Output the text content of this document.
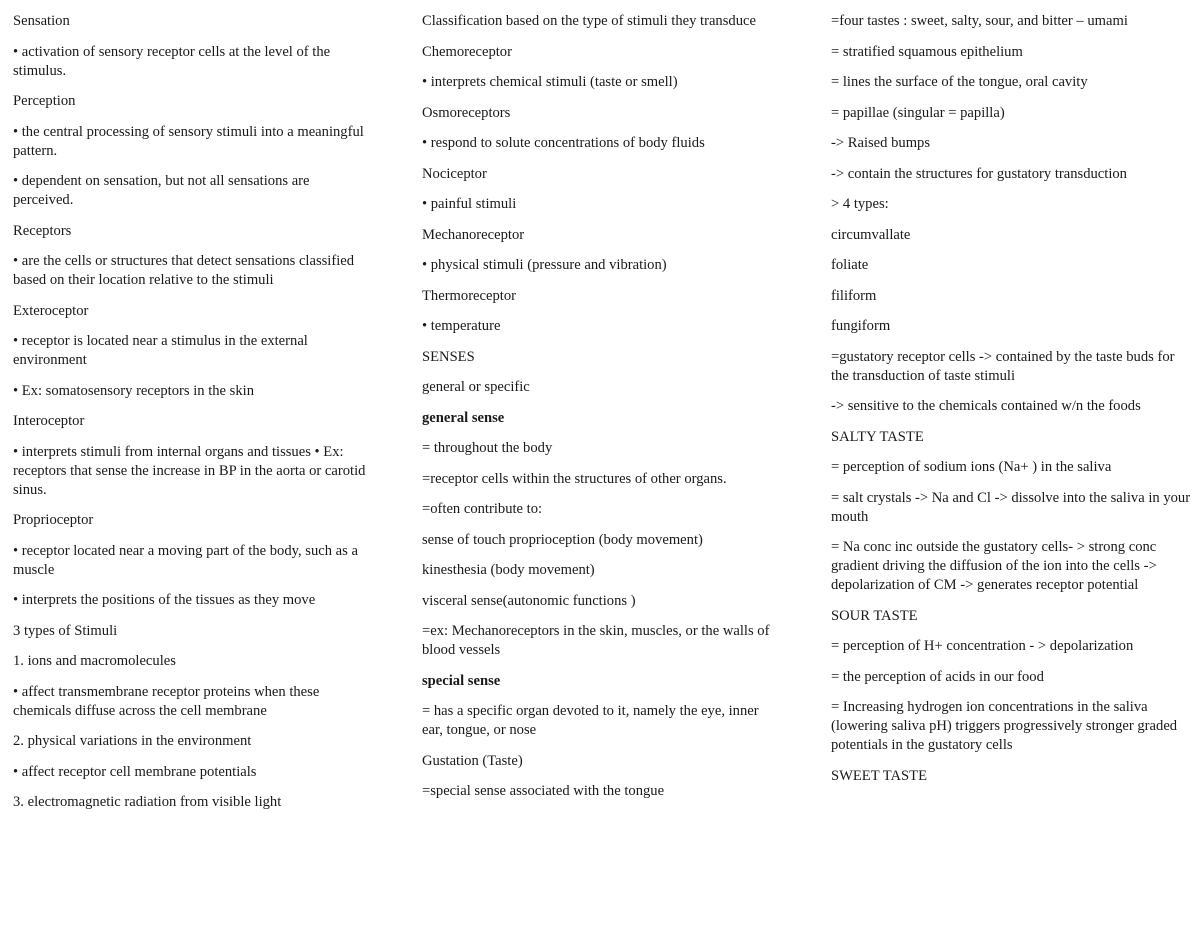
Sensation

• activation of sensory receptor cells at the level of the stimulus.

Perception

• the central processing of sensory stimuli into a meaningful pattern.

• dependent on sensation, but not all sensations are perceived.

Receptors

• are the cells or structures that detect sensations classified based on their location relative to the stimuli

Exteroceptor

• receptor is located near a stimulus in the external environment

• Ex: somatosensory receptors in the skin

Interoceptor

• interprets stimuli from internal organs and tissues • Ex: receptors that sense the increase in BP in the aorta or carotid sinus.

Proprioceptor

• receptor located near a moving part of the body, such as a muscle

• interprets the positions of the tissues as they move

3 types of Stimuli

1. ions and macromolecules

• affect transmembrane receptor proteins when these chemicals diffuse across the cell membrane

2. physical variations in the environment

• affect receptor cell membrane potentials

3. electromagnetic radiation from visible light

Classification based on the type of stimuli they transduce

Chemoreceptor

• interprets chemical stimuli (taste or smell)

Osmoreceptors

• respond to solute concentrations of body fluids

Nociceptor

• painful stimuli

Mechanoreceptor

• physical stimuli (pressure and vibration)

Thermoreceptor

• temperature

SENSES

general or specific

general sense

= throughout the body

=receptor cells within the structures of other organs.

=often contribute to:

sense of touch proprioception (body movement)

kinesthesia (body movement)

visceral sense(autonomic functions )

=ex: Mechanoreceptors in the skin, muscles, or the walls of blood vessels

special sense

= has a specific organ devoted to it, namely the eye, inner ear, tongue, or nose

Gustation (Taste)

=special sense associated with the tongue

=four tastes : sweet, salty, sour, and bitter – umami

= stratified squamous epithelium

= lines the surface of the tongue, oral cavity

= papillae (singular = papilla)

-> Raised bumps

-> contain the structures for gustatory transduction

> 4 types:

circumvallate

foliate

filiform

fungiform

=gustatory receptor cells -> contained by the taste buds for the transduction of taste stimuli

-> sensitive to the chemicals contained w/n the foods

SALTY TASTE

= perception of sodium ions (Na+ ) in the saliva

= salt crystals -> Na and Cl -> dissolve into the saliva in your mouth

= Na conc inc outside the gustatory cells- > strong conc gradient driving the diffusion of the ion into the cells -> depolarization of CM -> generates receptor potential

SOUR TASTE

= perception of H+ concentration - > depolarization

= the perception of acids in our food

= Increasing hydrogen ion concentrations in the saliva (lowering saliva pH) triggers progressively stronger graded potentials in the gustatory cells

SWEET TASTE
